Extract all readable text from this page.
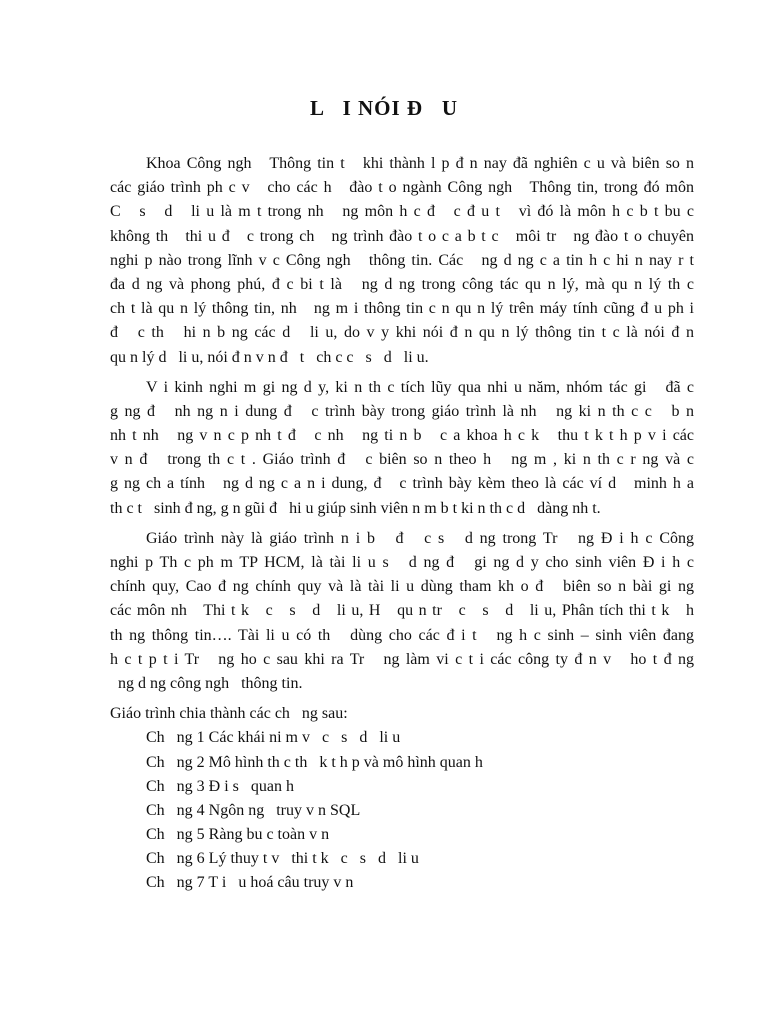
L   I NÓI Đ   U

Khoa Công ngh   Thông tin t   khi thành l p đ n nay đã nghiên c u và biên so n
các giáo trình ph c v   cho các h   đào t o ngành Công ngh   Thông tin, trong đó môn
C   s   d   li u là m t trong nh   ng môn h c đ   c đ u t   vì đó là môn h c b t bu c
không th   thi u đ   c trong ch   ng trình đào t o c a b t c   môi tr   ng đào t o chuyên
nghi p nào trong lĩnh v c Công ngh   thông tin. Các   ng d ng c a tin h c hi n nay r t
đa d ng và phong phú, đ c bi t là   ng d ng trong công tác qu n lý, mà qu n lý th c
ch t là qu n lý thông tin, nh   ng m i thông tin c n qu n lý trên máy tính cũng đ u ph i
đ   c th   hi n b ng các d   li u, do v y khi nói đ n qu n lý thông tin t c là nói đ n
qu n lý d   li u, nói đ n v n đ   t   ch c c   s   d   li u.

V i kinh nghi m gi ng d y, ki n th c tích lũy qua nhi u năm, nhóm tác gi   đã c
g ng đ   nh ng n i dung đ   c trình bày trong giáo trình là nh   ng ki n th c c   b n
nh t nh   ng v n c p nh t đ   c nh   ng ti n b   c a khoa h c k   thu t k t h p v i các
v n đ   trong th c t . Giáo trình đ   c biên so n theo h   ng m , ki n th c r ng và c
g ng ch a tính   ng d ng c a n i dung, đ   c trình bày kèm theo là các ví d   minh h a
th c t   sinh đ ng, g n gũi đ   hi u giúp sinh viên n m b t ki n th c d   dàng nh t.

Giáo trình này là giáo trình n i b   đ   c s   d ng trong Tr   ng Đ i h c Công
nghi p Th c ph m TP HCM, là tài li u s   d ng đ   gi ng d y cho sinh viên Đ i h c
chính quy, Cao đ ng chính quy và là tài li u dùng tham kh o đ   biên so n bài gi ng
các môn nh   Thi t k   c   s   d   li u, H   qu n tr   c   s   d   li u, Phân tích thi t k   h
th ng thông tin…. Tài li u có th   dùng cho các đ i t   ng h c sinh – sinh viên đang
h c t p t i Tr   ng ho c sau khi ra Tr   ng làm vi c t i các công ty đ n v   ho t đ ng
ng d ng công ngh   thông tin.

Giáo trình chia thành các ch   ng sau:
Ch   ng 1 Các khái ni m v   c   s   d   li u
Ch   ng 2 Mô hình th c th   k t h p và mô hình quan h
Ch   ng 3 Đ i s   quan h
Ch   ng 4 Ngôn ng   truy v n SQL
Ch   ng 5 Ràng bu c toàn v n
Ch   ng 6 Lý thuy t v   thi t k   c   s   d   li u
Ch   ng 7 T i   u hoá câu truy v n
